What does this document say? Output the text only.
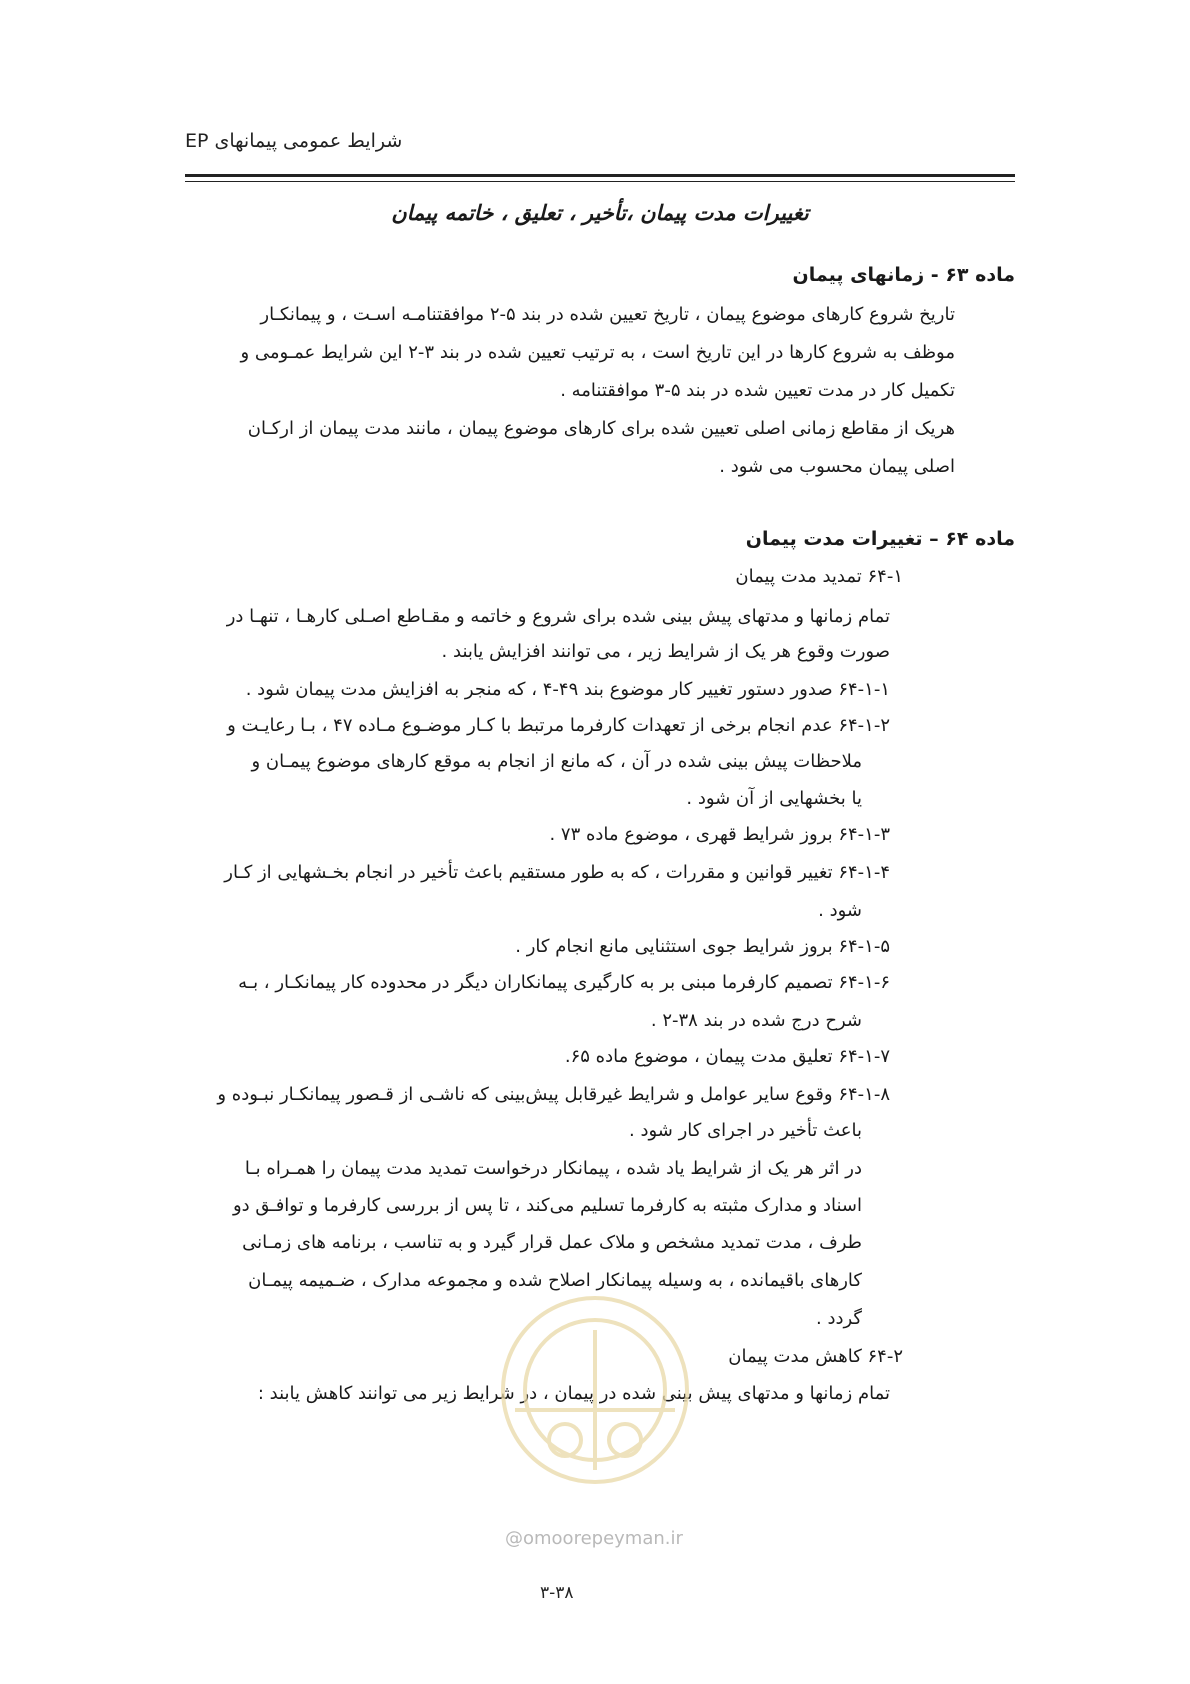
شرایط عمومی پیمانهای EP
تغییرات مدت پیمان ،تأخیر ، تعلیق ، خاتمه پیمان
ماده ۶۳ - زمانهای پیمان
تاریخ شروع کارهای موضوع پیمان ، تاریخ تعیین شده در بند ۵-۲ موافقتنامـه اسـت ، و پیمانکـار
موظف به شروع کارها در این تاریخ است ، به ترتیب تعیین شده در بند ۳-۲ این شرایط عمـومی و
تکمیل کار در مدت تعیین شده در بند ۵-۳ موافقتنامه .
هریک از مقاطع زمانی اصلی تعیین شده برای کارهای موضوع پیمان ، مانند مدت پیمان از ارکـان
اصلی پیمان محسوب می شود .
ماده ۶۴ – تغییرات مدت پیمان
۶۴-۱ تمدید مدت پیمان
تمام زمانها و مدتهای پیش بینی شده برای شروع و خاتمه و مقـاطع اصـلی کارهـا ، تنهـا در
صورت وقوع هر یک از شرایط زیر ، می توانند افزایش یابند .
۶۴-۱-۱ صدور دستور تغییر کار موضوع بند ۴۹-۴ ، که منجر به افزایش مدت پیمان شود .
۶۴-۱-۲ عدم انجام برخی از تعهدات کارفرما مرتبط با کـار موضـوع مـاده ۴۷ ، بـا رعایـت و
ملاحظات پیش بینی شده در آن ، که مانع از انجام به موقع کارهای موضوع پیمـان و
یا بخشهایی از آن شود .
۶۴-۱-۳ بروز شرایط قهری ، موضوع ماده ۷۳ .
۶۴-۱-۴ تغییر قوانین و مقررات ، که به طور مستقیم باعث تأخیر در انجام بخـشهایی از کـار
شود .
۶۴-۱-۵ بروز شرایط جوی استثنایی مانع انجام کار .
۶۴-۱-۶ تصمیم کارفرما مبنی بر به کارگیری پیمانکاران دیگر در محدوده کار پیمانکـار ، بـه
شرح درج شده در بند ۳۸-۲ .
۶۴-۱-۷ تعلیق مدت پیمان ، موضوع ماده ۶۵.
۶۴-۱-۸ وقوع سایر عوامل و شرایط غیرقابل پیش‌بینی که ناشـی از قـصور پیمانکـار نبـوده و
باعث تأخیر در اجرای کار شود .
در اثر هر یک از شرایط یاد شده ، پیمانکار درخواست تمدید مدت پیمان را همـراه بـا
اسناد و مدارک مثبته به کارفرما تسلیم می‌کند ، تا پس از بررسی کارفرما و توافـق دو
طرف ، مدت تمدید مشخص و ملاک عمل قرار گیرد و به تناسب ، برنامه های زمـانی
کارهای باقیمانده ، به وسیله پیمانکار اصلاح شده و مجموعه مدارک ، ضـمیمه پیمـان
گردد .
۶۴-۲ کاهش مدت پیمان
تمام زمانها و مدتهای پیش بینی شده در پیمان ، در شرایط زیر می توانند کاهش یابند :
@omoorepeyman.ir
۳-۳۸
